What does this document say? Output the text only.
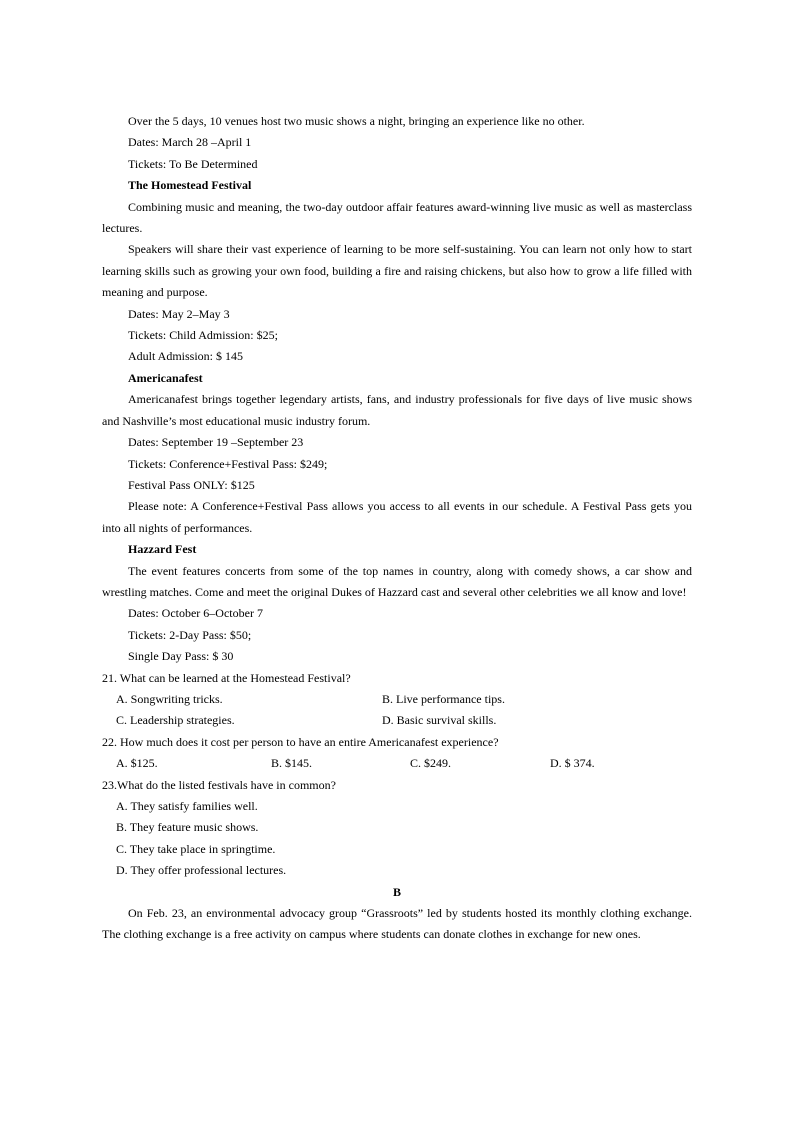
Over the 5 days, 10 venues host two music shows a night, bringing an experience like no other.

Dates: March 28 –April 1

Tickets: To Be Determined

The Homestead Festival

Combining music and meaning, the two-day outdoor affair features award-winning live music as well as masterclass lectures.

Speakers will share their vast experience of learning to be more self-sustaining. You can learn not only how to start learning skills such as growing your own food, building a fire and raising chickens, but also how to grow a life filled with meaning and purpose.

Dates: May 2–May 3

Tickets: Child Admission: $25;

Adult Admission: $ 145

Americanafest

Americanafest brings together legendary artists, fans, and industry professionals for five days of live music shows and Nashville’s most educational music industry forum.

Dates: September 19 –September 23

Tickets: Conference+Festival Pass: $249;

Festival Pass ONLY: $125

Please note: A Conference+Festival Pass allows you access to all events in our schedule. A Festival Pass gets you into all nights of performances.

Hazzard Fest

The event features concerts from some of the top names in country, along with comedy shows, a car show and wrestling matches. Come and meet the original Dukes of Hazzard cast and several other celebrities we all know and love!

Dates: October 6–October 7

Tickets: 2-Day Pass: $50;

Single Day Pass: $ 30

21. What can be learned at the Homestead Festival?

A. Songwriting tricks.	B. Live performance tips.
C. Leadership strategies.	D. Basic survival skills.

22. How much does it cost per person to have an entire Americanafest experience?

A. $125.	B. $145.	C. $249.	D. $ 374.

23.What do the listed festivals have in common?

A. They satisfy families well.

B. They feature music shows.

C. They take place in springtime.

D. They offer professional lectures.

B

On Feb. 23, an environmental advocacy group “Grassroots” led by students hosted its monthly clothing exchange. The clothing exchange is a free activity on campus where students can donate clothes in exchange for new ones.
